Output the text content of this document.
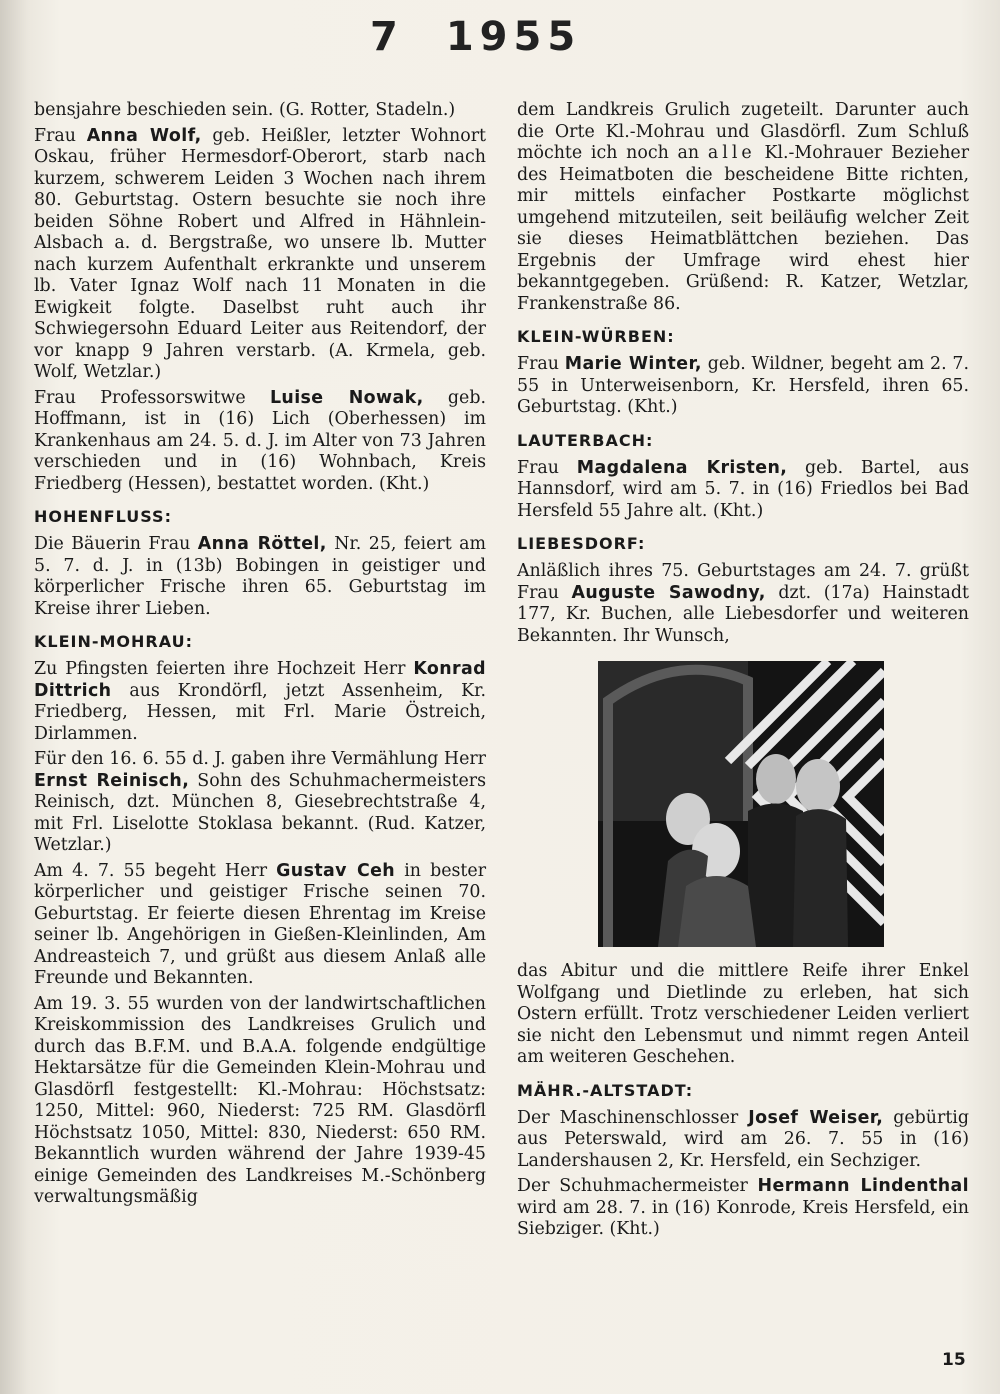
7 1955

bensjahre beschieden sein. (G. Rotter, Stadeln.)

Frau Anna Wolf, geb. Heißler, letzter Wohnort Oskau, früher Hermesdorf-Oberort, starb nach kurzem, schwerem Leiden 3 Wochen nach ihrem 80. Geburtstag. Ostern besuchte sie noch ihre beiden Söhne Robert und Alfred in Hähnlein-Alsbach a. d. Bergstraße, wo unsere lb. Mutter nach kurzem Aufenthalt erkrankte und unserem lb. Vater Ignaz Wolf nach 11 Monaten in die Ewigkeit folgte. Daselbst ruht auch ihr Schwiegersohn Eduard Leiter aus Reitendorf, der vor knapp 9 Jahren verstarb. (A. Krmela, geb. Wolf, Wetzlar.)

Frau Professorswitwe Luise Nowak, geb. Hoffmann, ist in (16) Lich (Oberhessen) im Krankenhaus am 24. 5. d. J. im Alter von 73 Jahren verschieden und in (16) Wohnbach, Kreis Friedberg (Hessen), bestattet worden. (Kht.)

HOHENFLUSS:

Die Bäuerin Frau Anna Röttel, Nr. 25, feiert am 5. 7. d. J. in (13b) Bobingen in geistiger und körperlicher Frische ihren 65. Geburtstag im Kreise ihrer Lieben.

KLEIN-MOHRAU:

Zu Pfingsten feierten ihre Hochzeit Herr Konrad Dittrich aus Krondörfl, jetzt Assenheim, Kr. Friedberg, Hessen, mit Frl. Marie Östreich, Dirlammen.

Für den 16. 6. 55 d. J. gaben ihre Vermählung Herr Ernst Reinisch, Sohn des Schuhmachermeisters Reinisch, dzt. München 8, Giesebrechtstraße 4, mit Frl. Liselotte Stoklasa bekannt. (Rud. Katzer, Wetzlar.)

Am 4. 7. 55 begeht Herr Gustav Ceh in bester körperlicher und geistiger Frische seinen 70. Geburtstag. Er feierte diesen Ehrentag im Kreise seiner lb. Angehörigen in Gießen-Kleinlinden, Am Andreasteich 7, und grüßt aus diesem Anlaß alle Freunde und Bekannten.

Am 19. 3. 55 wurden von der landwirtschaftlichen Kreiskommission des Landkreises Grulich und durch das B.F.M. und B.A.A. folgende endgültige Hektarsätze für die Gemeinden Klein-Mohrau und Glasdörfl festgestellt: Kl.-Mohrau: Höchstsatz: 1250, Mittel: 960, Niederst: 725 RM. Glasdörfl Höchstsatz 1050, Mittel: 830, Niederst: 650 RM. Bekanntlich wurden während der Jahre 1939-45 einige Gemeinden des Landkreises M.-Schönberg verwaltungsmäßig

dem Landkreis Grulich zugeteilt. Darunter auch die Orte Kl.-Mohrau und Glasdörfl. Zum Schluß möchte ich noch an alle Kl.-Mohrauer Bezieher des Heimatboten die bescheidene Bitte richten, mir mittels einfacher Postkarte möglichst umgehend mitzuteilen, seit beiläufig welcher Zeit sie dieses Heimatblättchen beziehen. Das Ergebnis der Umfrage wird ehest hier bekanntgegeben. Grüßend: R. Katzer, Wetzlar, Frankenstraße 86.

KLEIN-WÜRBEN:

Frau Marie Winter, geb. Wildner, begeht am 2. 7. 55 in Unterweisenborn, Kr. Hersfeld, ihren 65. Geburtstag. (Kht.)

LAUTERBACH:

Frau Magdalena Kristen, geb. Bartel, aus Hannsdorf, wird am 5. 7. in (16) Friedlos bei Bad Hersfeld 55 Jahre alt. (Kht.)

LIEBESDORF:

Anläßlich ihres 75. Geburtstages am 24. 7. grüßt Frau Auguste Sawodny, dzt. (17a) Hainstadt 177, Kr. Buchen, alle Liebesdorfer und weiteren Bekannten. Ihr Wunsch,

das Abitur und die mittlere Reife ihrer Enkel Wolfgang und Dietlinde zu erleben, hat sich Ostern erfüllt. Trotz verschiedener Leiden verliert sie nicht den Lebensmut und nimmt regen Anteil am weiteren Geschehen.

MÄHR.-ALTSTADT:

Der Maschinenschlosser Josef Weiser, gebürtig aus Peterswald, wird am 26. 7. 55 in (16) Landershausen 2, Kr. Hersfeld, ein Sechziger.

Der Schuhmachermeister Hermann Lindenthal wird am 28. 7. in (16) Konrode, Kreis Hersfeld, ein Siebziger. (Kht.)

15
